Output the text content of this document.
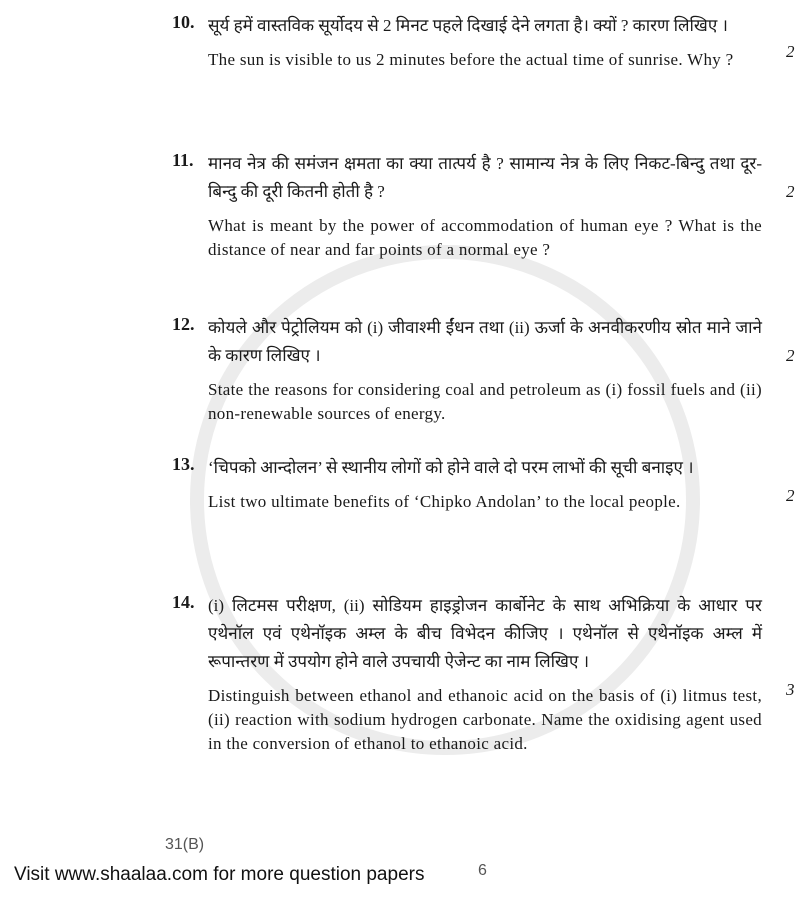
10. सूर्य हमें वास्तविक सूर्योदय से 2 मिनट पहले दिखाई देने लगता है। क्यों ? कारण लिखिए ।
The sun is visible to us 2 minutes before the actual time of sunrise. Why ?	2
11. मानव नेत्र की समंजन क्षमता का क्या तात्पर्य है ? सामान्य नेत्र के लिए निकट-बिन्दु तथा दूर-बिन्दु की दूरी कितनी होती है ?
What is meant by the power of accommodation of human eye ? What is the distance of near and far points of a normal eye ?
2
12. कोयले और पेट्रोलियम को (i) जीवाश्मी ईंधन तथा (ii) ऊर्जा के अनवीकरणीय स्रोत माने जाने के कारण लिखिए ।
State the reasons for considering coal and petroleum as (i) fossil fuels and (ii) non-renewable sources of energy.
2
13. ‘चिपको आन्दोलन’ से स्थानीय लोगों को होने वाले दो परम लाभों की सूची बनाइए ।
List two ultimate benefits of ‘Chipko Andolan’ to the local people.	2
14. (i) लिटमस परीक्षण, (ii) सोडियम हाइड्रोजन कार्बोनेट के साथ अभिक्रिया के आधार पर एथेनॉल एवं एथेनॉइक अम्ल के बीच विभेदन कीजिए । एथेनॉल से एथेनॉइक अम्ल में रूपान्तरण में उपयोग होने वाले उपचायी ऐजेन्ट का नाम लिखिए ।
Distinguish between ethanol and ethanoic acid on the basis of (i) litmus test, (ii) reaction with sodium hydrogen carbonate. Name the oxidising agent used in the conversion of ethanol to ethanoic acid.
3
31(B)
Visit www.shaalaa.com for more question papers	6
